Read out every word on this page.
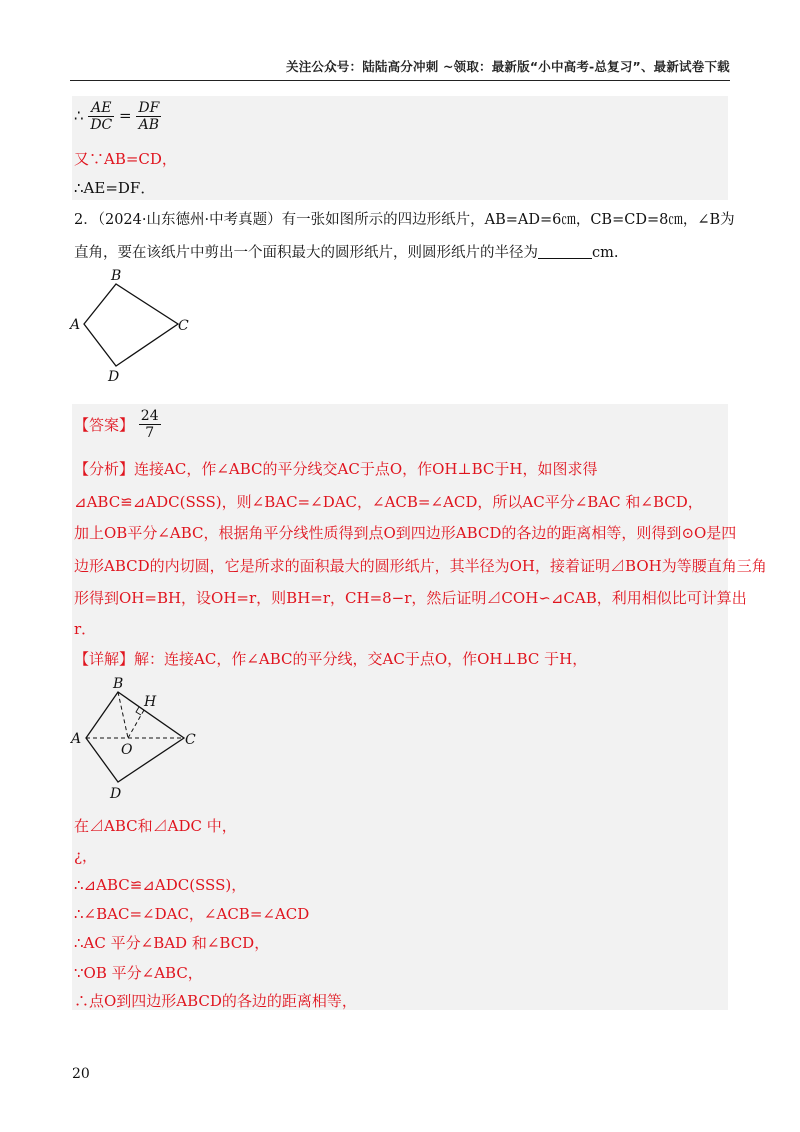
关注公众号：陆陆高分冲刺 ~领取：最新版“小中高考-总复习”、最新试卷下载
∴ $\frac{AE}{DC} = \frac{DF}{AB}$
又∵AB=CD，
∴AE=DF．
2．（2024·山东德州·中考真题）有一张如图所示的四边形纸片，AB=AD=6㎝，CB=CD=8㎝，∠B为
直角，要在该纸片中剪出一个面积最大的圆形纸片，则圆形纸片的半径为	cm.
A
B
C
D
【答案】 $\frac{24}{7}$
【分析】连接AC，作∠ABC的平分线交AC于点O，作OH⊥BC于H，如图求得
⊿ABC≌⊿ADC(SSS)，则∠BAC=∠DAC，∠ACB=∠ACD，所以AC平分∠BAC 和∠BCD，
加上OB平分∠ABC，根据角平分线性质得到点O到四边形ABCD的各边的距离相等，则得到⊙O是四
边形ABCD的内切圆，它是所求的面积最大的圆形纸片，其半径为OH，接着证明⊿BOH为等腰直角三角
形得到OH=BH，设OH=r，则BH=r，CH=8−r，然后证明⊿COH∽⊿CAB，利用相似比可计算出
r．
【详解】解：连接AC，作∠ABC的平分线，交AC于点O，作OH⊥BC 于H，
A
B
C
D
H
O
在⊿ABC和⊿ADC 中，
¿，
∴⊿ABC≌⊿ADC(SSS)，
∴∠BAC=∠DAC，∠ACB=∠ACD
∴AC 平分∠BAD 和∠BCD，
∵OB 平分∠ABC，
∴点O到四边形ABCD的各边的距离相等，
20
